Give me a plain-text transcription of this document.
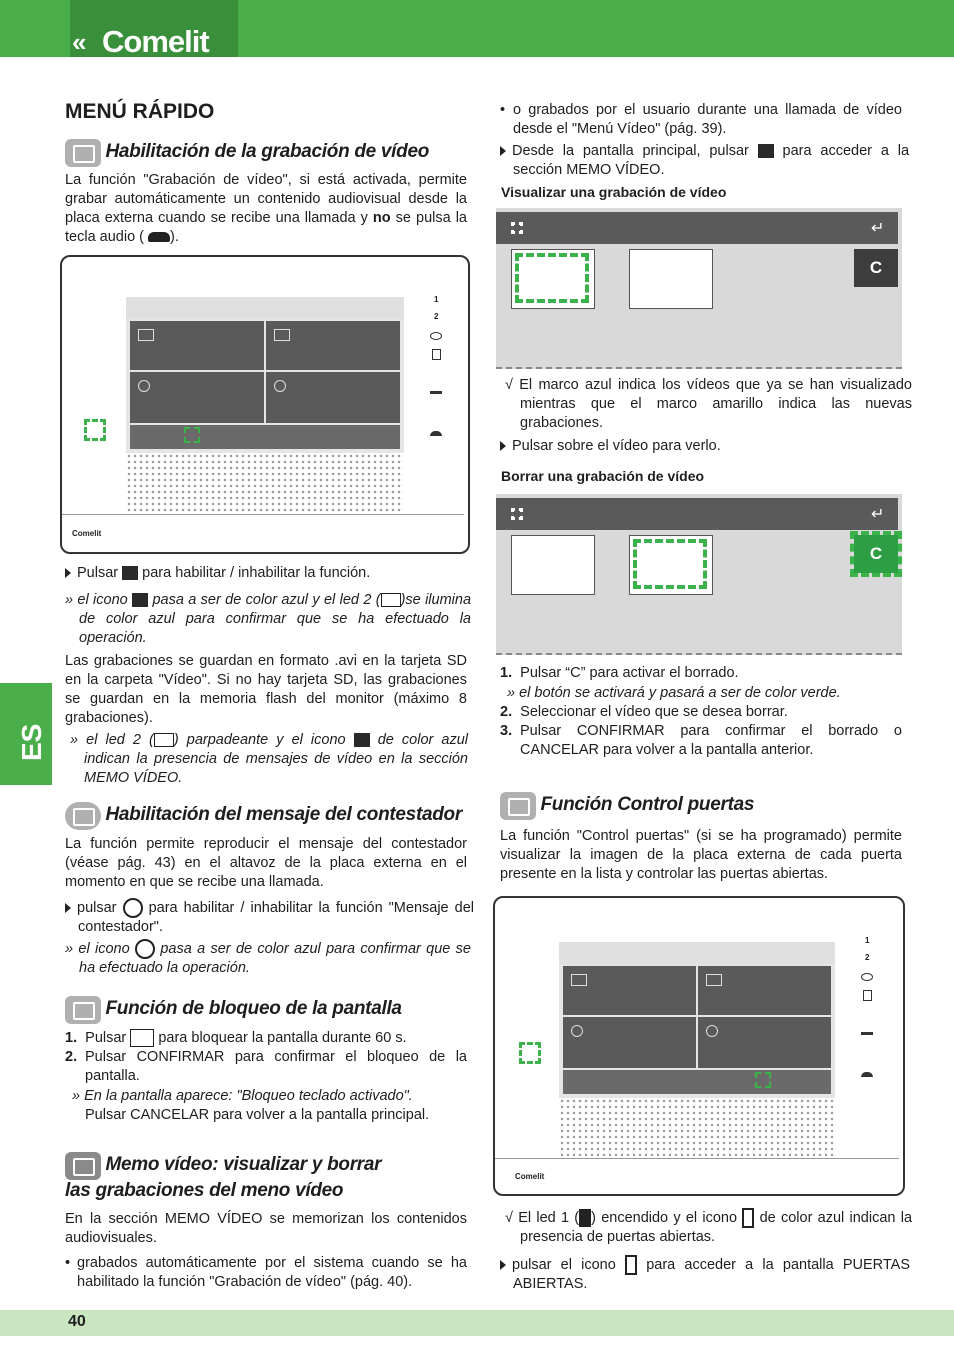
« Comelit
ES
40
MENÚ RÁPIDO
Habilitación de la grabación de vídeo
La función "Grabación de vídeo", si está activada, permite grabar automáticamente un contenido audiovisual desde la placa externa cuando se recibe una llamada y no se pulsa la tecla audio ( ).
1
2
Comelit
Pulsar para habilitar / inhabilitar la función.
» el icono pasa a ser de color azul y el led 2 ( )se ilumina de color azul para confirmar que se ha efectuado la operación.
Las grabaciones se guardan en formato .avi en la tarjeta SD en la carpeta "Vídeo". Si no hay tarjeta SD, las grabaciones se guardan en la memoria flash del monitor (máximo 8 grabaciones).
» el led 2 ( ) parpadeante y el icono de color azul indican la presencia de mensajes de vídeo en la sección MEMO VÍDEO.
Habilitación del mensaje del contestador
La función permite reproducir el mensaje del contestador (véase pág. 43) en el altavoz de la placa externa en el momento en que se recibe una llamada.
pulsar para habilitar / inhabilitar la función "Mensaje del contestador".
» el icono pasa a ser de color azul para confirmar que se ha efectuado la operación.
Función de bloqueo de la pantalla
1. Pulsar para bloquear la pantalla durante 60 s.
2. Pulsar CONFIRMAR para confirmar el bloqueo de la pantalla.
» En la pantalla aparece: "Bloqueo teclado activado".
Pulsar CANCELAR para volver a la pantalla principal.
Memo vídeo: visualizar y borrar
las grabaciones del meno vídeo
En la sección MEMO VÍDEO se memorizan los contenidos audiovisuales.
• grabados automáticamente por el sistema cuando se ha habilitado la función "Grabación de vídeo" (pág. 40).
• o grabados por el usuario durante una llamada de vídeo desde el "Menú Vídeo" (pág. 39).
Desde la pantalla principal, pulsar para acceder a la sección MEMO VÍDEO.
Visualizar una grabación de vídeo
↵
C
√ El marco azul indica los vídeos que ya se han visualizado mientras que el marco amarillo indica las nuevas grabaciones.
Pulsar sobre el vídeo para verlo.
Borrar una grabación de vídeo
↵
C
1. Pulsar “C” para activar el borrado.
» el botón se activará y pasará a ser de color verde.
2. Seleccionar el vídeo que se desea borrar.
3. Pulsar CONFIRMAR para confirmar el borrado o CANCELAR para volver a la pantalla anterior.
Función Control puertas
La función "Control puertas" (si se ha programado) permite visualizar la imagen de la placa externa de cada puerta presente en la lista y controlar las puertas abiertas.
1
2
Comelit
√ El led 1 ( ) encendido y el icono de color azul indican la presencia de puertas abiertas.
pulsar el icono para acceder a la pantalla PUERTAS ABIERTAS.
